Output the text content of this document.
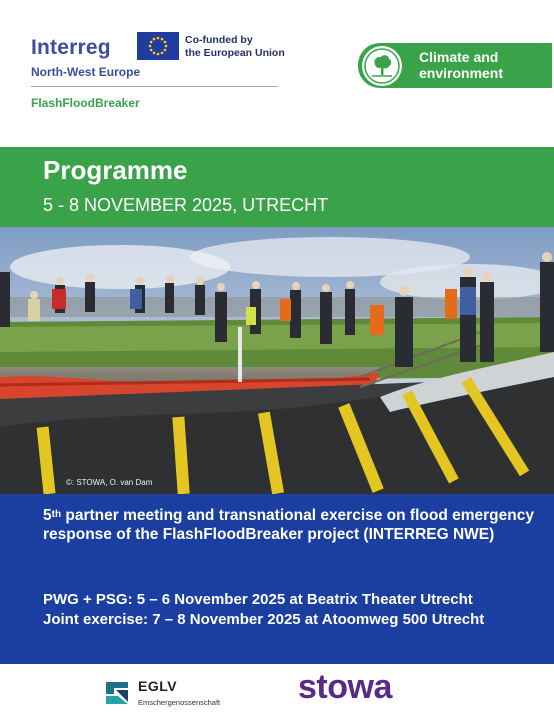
Interreg	Co-funded by
the European Union
North-West Europe
FlashFloodBreaker
Climate and
environment
Programme
5 - 8 NOVEMBER 2025, UTRECHT
©: STOWA, O. van Dam
5th partner meeting and transnational exercise on flood emergency response of the FlashFloodBreaker project (INTERREG NWE)
PWG + PSG: 5 – 6 November 2025 at Beatrix Theater Utrecht
Joint exercise: 7 – 8 November 2025 at Atoomweg 500 Utrecht
EGLV
Emschergenossenschaft stowa
